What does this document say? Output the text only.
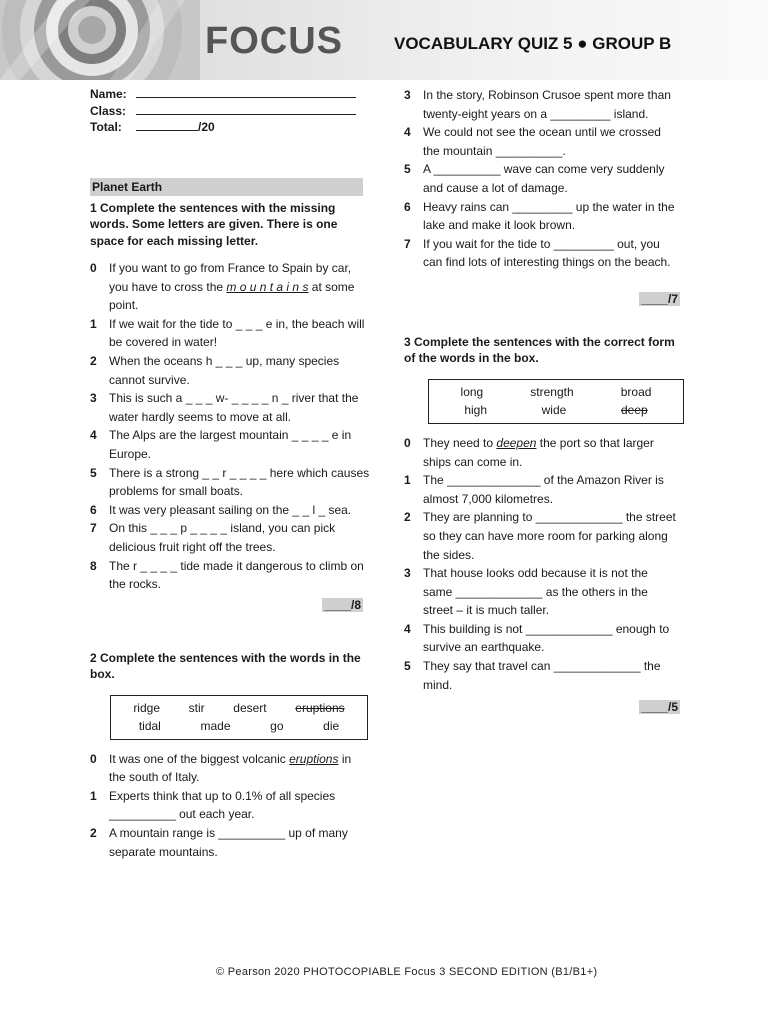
FOCUS	VOCABULARY QUIZ 5 ● GROUP B
Name:
Class:
Total:	/20
Planet Earth
1 Complete the sentences with the missing words. Some letters are given. There is one space for each missing letter.
0	If you want to go from France to Spain by car, you have to cross the m o u n t a i n s at some point.
1	If we wait for the tide to _ _ _ e in, the beach will be covered in water!
2	When the oceans h _ _ _ up, many species cannot survive.
3	This is such a _ _ _ w- _ _ _ _ n _ river that the water hardly seems to move at all.
4	The Alps are the largest mountain _ _ _ _ e in Europe.
5	There is a strong _ _ r _ _ _ _ here which causes problems for small boats.
6	It was very pleasant sailing on the _ _ l _ sea.
7	On this _ _ _ p _ _ _ _ island, you can pick delicious fruit right off the trees.
8	The r _ _ _ _ tide made it dangerous to climb on the rocks.
____/8
2 Complete the sentences with the words in the box.
ridge stir desert eruptions
tidal	made	go	die
0	It was one of the biggest volcanic eruptions in the south of Italy.
1	Experts think that up to 0.1% of all species __________ out each year.
2	A mountain range is __________ up of many separate mountains.
3	In the story, Robinson Crusoe spent more than twenty-eight years on a _________ island.
4	We could not see the ocean until we crossed the mountain __________.
5	A __________ wave can come very suddenly and cause a lot of damage.
6	Heavy rains can _________ up the water in the lake and make it look brown.
7	If you wait for the tide to _________ out, you can find lots of interesting things on the beach.
____/7
3 Complete the sentences with the correct form of the words in the box.
long	strength	broad
high	wide	deep
0	They need to deepen the port so that larger ships can come in.
1	The ______________ of the Amazon River is almost 7,000 kilometres.
2	They are planning to _____________ the street so they can have more room for parking along the sides.
3	That house looks odd because it is not the same _____________ as the others in the street – it is much taller.
4	This building is not _____________ enough to survive an earthquake.
5	They say that travel can _____________ the mind.
____/5
© Pearson 2020 PHOTOCOPIABLE Focus 3 SECOND EDITION (B1/B1+)
